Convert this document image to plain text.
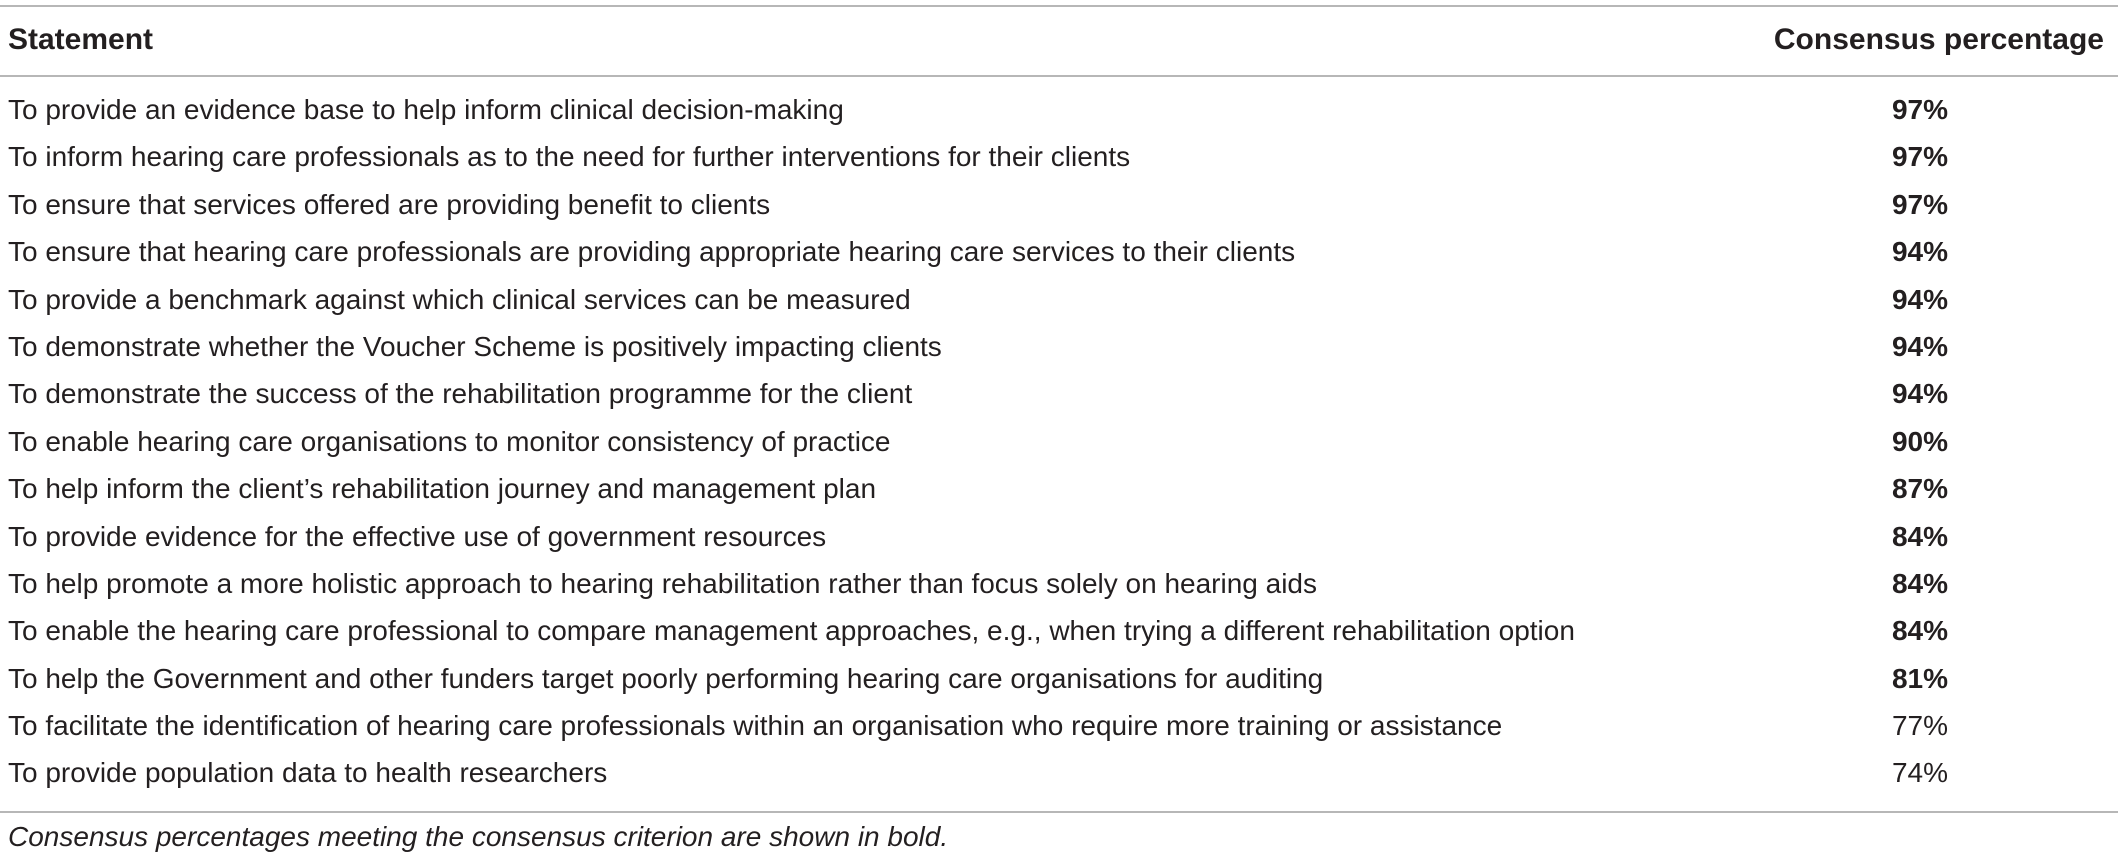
Statement	Consensus percentage
To provide an evidence base to help inform clinical decision-making	97%
To inform hearing care professionals as to the need for further interventions for their clients	97%
To ensure that services offered are providing benefit to clients	97%
To ensure that hearing care professionals are providing appropriate hearing care services to their clients	94%
To provide a benchmark against which clinical services can be measured	94%
To demonstrate whether the Voucher Scheme is positively impacting clients	94%
To demonstrate the success of the rehabilitation programme for the client	94%
To enable hearing care organisations to monitor consistency of practice	90%
To help inform the client’s rehabilitation journey and management plan	87%
To provide evidence for the effective use of government resources	84%
To help promote a more holistic approach to hearing rehabilitation rather than focus solely on hearing aids	84%
To enable the hearing care professional to compare management approaches, e.g., when trying a different rehabilitation option	84%
To help the Government and other funders target poorly performing hearing care organisations for auditing	81%
To facilitate the identification of hearing care professionals within an organisation who require more training or assistance	77%
To provide population data to health researchers	74%
Consensus percentages meeting the consensus criterion are shown in bold.
